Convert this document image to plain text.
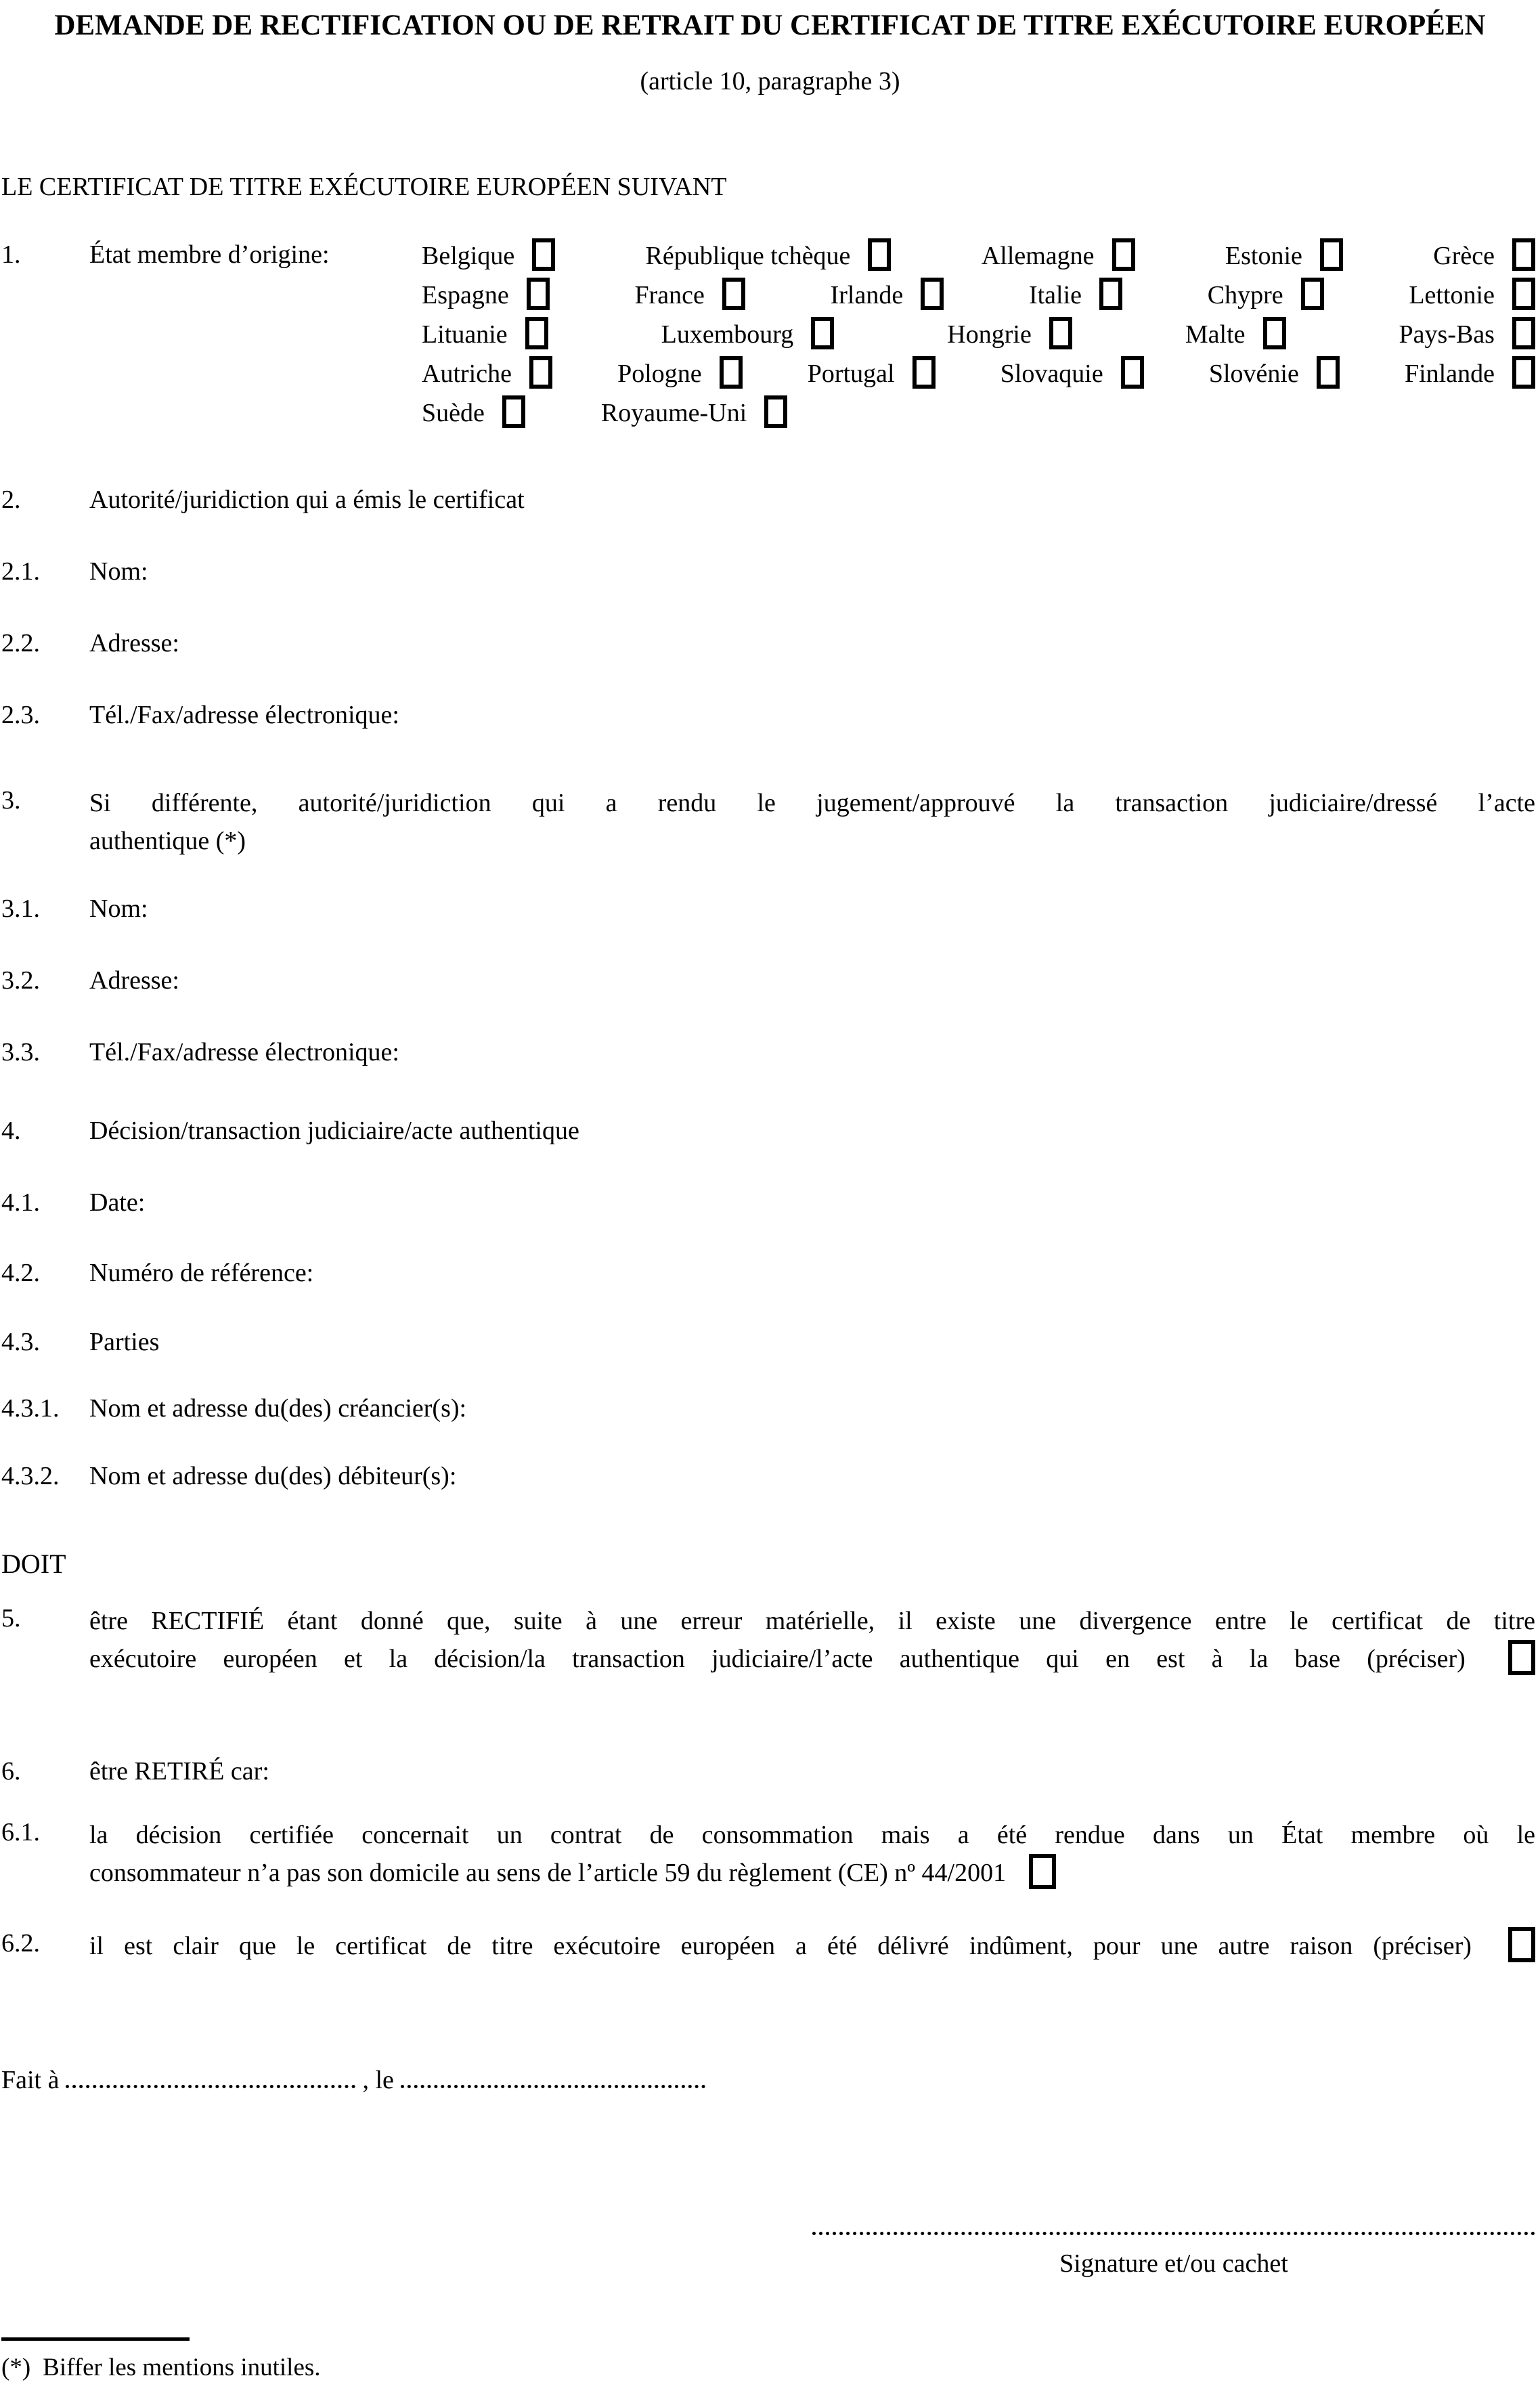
DEMANDE DE RECTIFICATION OU DE RETRAIT DU CERTIFICAT DE TITRE EXÉCUTOIRE EUROPÉEN
(article 10, paragraphe 3)
LE CERTIFICAT DE TITRE EXÉCUTOIRE EUROPÉEN SUIVANT
1.	État membre d’origine:	Belgique	République tchèque	Allemagne	Estonie	Grèce
Espagne	France	Irlande	Italie	Chypre	Lettonie
Lituanie	Luxembourg	Hongrie	Malte	Pays-Bas
Autriche	Pologne	Portugal	Slovaquie	Slovénie	Finlande
Suède	Royaume-Uni
2.	Autorité/juridiction qui a émis le certificat
2.1.	Nom:
2.2.	Adresse:
2.3.	Tél./Fax/adresse électronique:
3.	Si différente, autorité/juridiction qui a rendu le jugement/approuvé la transaction judiciaire/dressé l’acte
authentique (*)
3.1.	Nom:
3.2.	Adresse:
3.3.	Tél./Fax/adresse électronique:
4.	Décision/transaction judiciaire/acte authentique
4.1.	Date:
4.2.	Numéro de référence:
4.3.	Parties
4.3.1.	Nom et adresse du(des) créancier(s):
4.3.2.	Nom et adresse du(des) débiteur(s):
DOIT
5.	être RECTIFIÉ étant donné que, suite à une erreur matérielle, il existe une divergence entre le certificat de titre
exécutoire européen et la décision/la transaction judiciaire/l’acte authentique qui en est à la base (préciser)
6.	être RETIRÉ car:
6.1.	la décision certifiée concernait un contrat de consommation mais a été rendue dans un État membre où le
consommateur n’a pas son domicile au sens de l’article 59 du règlement (CE) nº 44/2001
6.2.	il est clair que le certificat de titre exécutoire européen a été délivré indûment, pour une autre raison (préciser)
Fait à	, le
Signature et/ou cachet
(*) Biffer les mentions inutiles.
